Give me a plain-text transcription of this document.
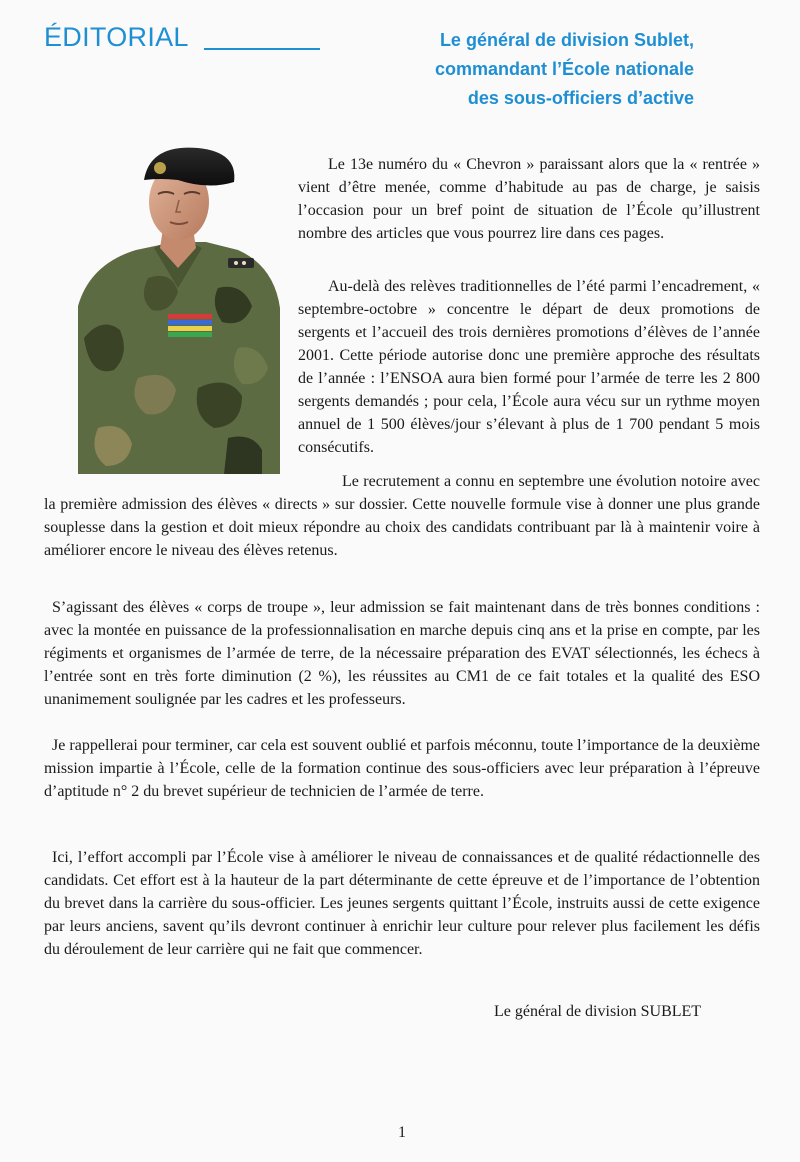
ÉDITORIAL	Le général de division Sublet,
commandant l’École nationale
des sous-officiers d’active

Le 13e numéro du « Chevron » paraissant alors que la « rentrée » vient d’être menée, comme d’habitude au pas de charge, je saisis l’occasion pour un bref point de situation de l’École qu’illustrent nombre des articles que vous pourrez lire dans ces pages.

Au-delà des relèves traditionnelles de l’été parmi l’encadrement, « septembre-octobre » concentre le départ de deux promotions de sergents et l’accueil des trois dernières promotions d’élèves de l’année 2001. Cette période autorise donc une première approche des résultats de l’année : l’ENSOA aura bien formé pour l’armée de terre les 2 800 sergents demandés ; pour cela, l’École aura vécu sur un rythme moyen annuel de 1 500 élèves/jour s’élevant à plus de 1 700 pendant 5 mois consécutifs.

Le recrutement a connu en septembre une évolution notoire avec la première admission des élèves « directs » sur dossier. Cette nouvelle formule vise à donner une plus grande souplesse dans la gestion et doit mieux répondre au choix des candidats contribuant par là à maintenir voire à améliorer encore le niveau des élèves retenus.

S’agissant des élèves « corps de troupe », leur admission se fait maintenant dans de très bonnes conditions : avec la montée en puissance de la professionnalisation en marche depuis cinq ans et la prise en compte, par les régiments et organismes de l’armée de terre, de la nécessaire préparation des EVAT sélectionnés, les échecs à l’entrée sont en très forte diminution (2 %), les réussites au CM1 de ce fait totales et la qualité des ESO unanimement soulignée par les cadres et les professeurs.

Je rappellerai pour terminer, car cela est souvent oublié et parfois méconnu, toute l’importance de la deuxième mission impartie à l’École, celle de la formation continue des sous-officiers avec leur préparation à l’épreuve d’aptitude n° 2 du brevet supérieur de technicien de l’armée de terre.

Ici, l’effort accompli par l’École vise à améliorer le niveau de connaissances et de qualité rédactionnelle des candidats. Cet effort est à la hauteur de la part déterminante de cette épreuve et de l’importance de l’obtention du brevet dans la carrière du sous-officier. Les jeunes sergents quittant l’École, instruits aussi de cette exigence par leurs anciens, savent qu’ils devront continuer à enrichir leur culture pour relever plus facilement les défis du déroulement de leur carrière qui ne fait que commencer.

Le général de division SUBLET
1
